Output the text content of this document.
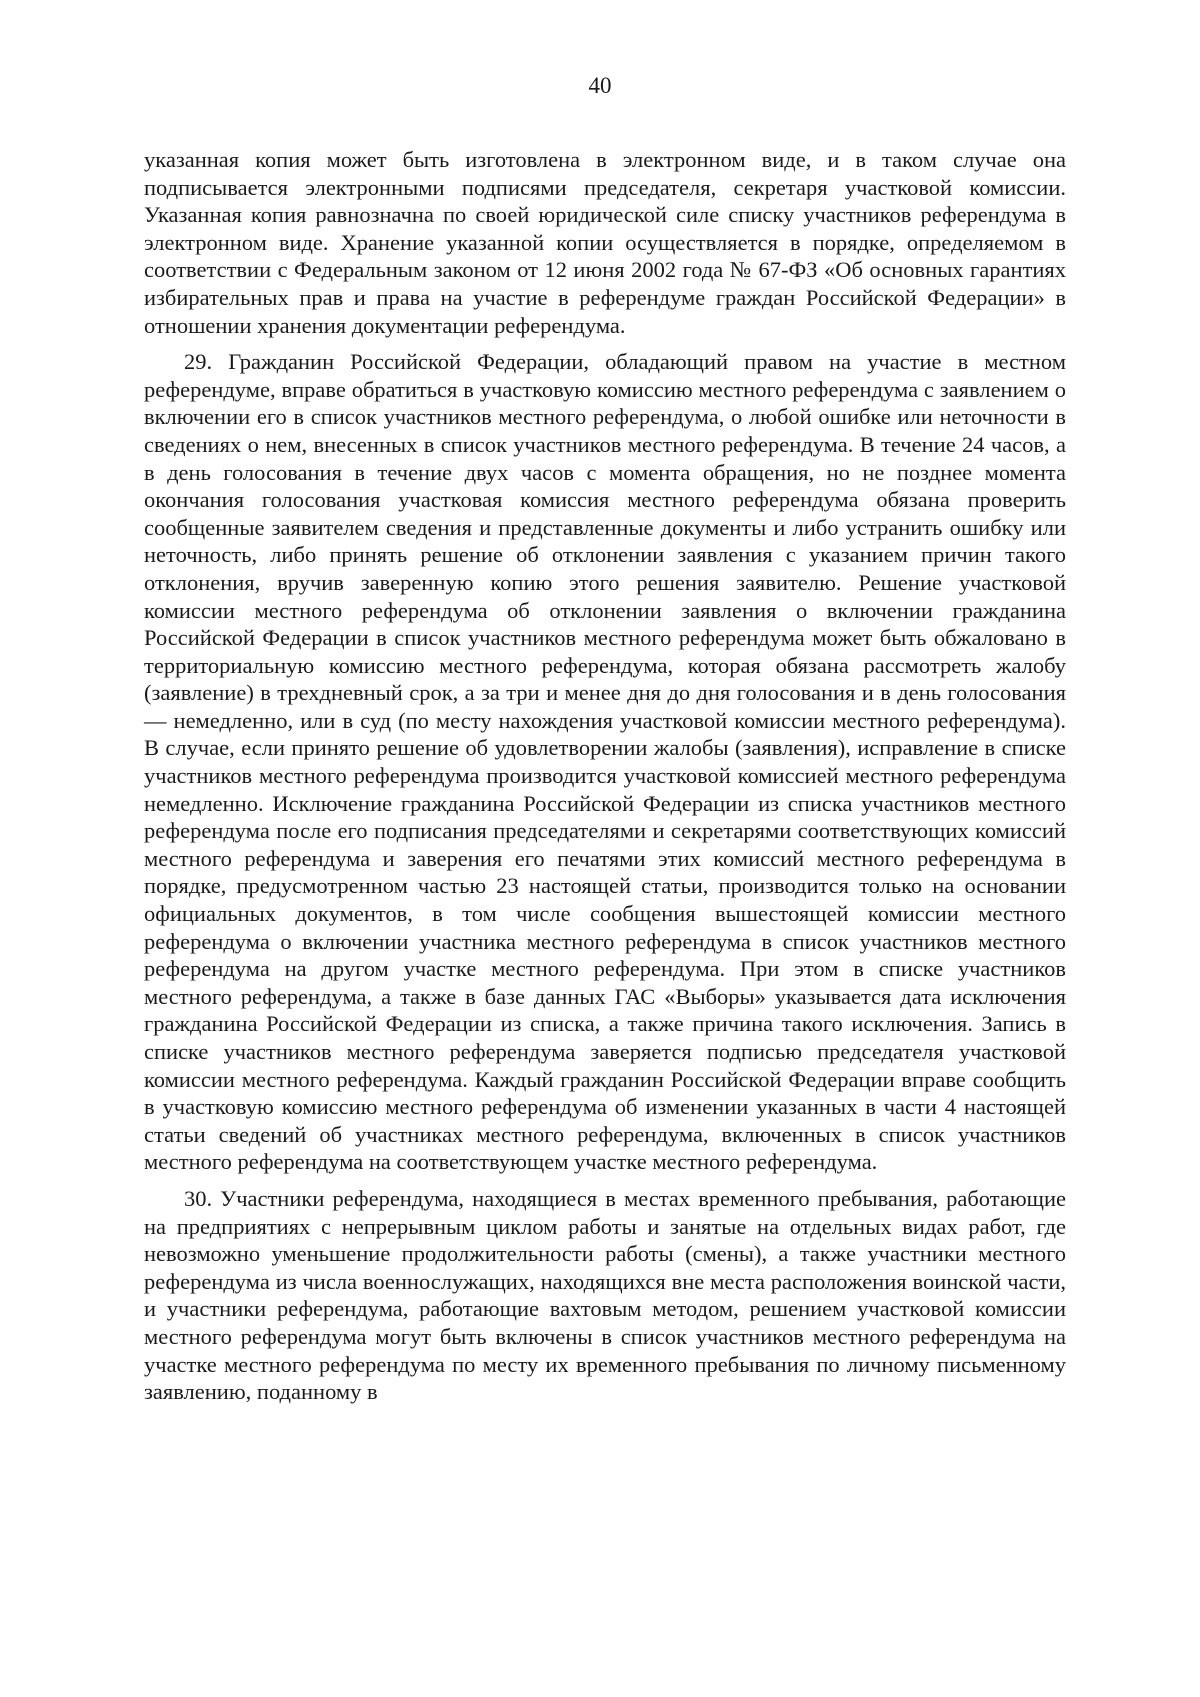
40

указанная копия может быть изготовлена в электронном виде, и в таком случае она подписывается электронными подписями председателя, секретаря участковой комиссии. Указанная копия равнозначна по своей юридической силе списку участников референдума в электронном виде. Хранение указанной копии осуществляется в порядке, определяемом в соответствии с Федеральным законом от 12 июня 2002 года № 67-ФЗ «Об основных гарантиях избирательных прав и права на участие в референдуме граждан Российской Федерации» в отношении хранения документации референдума.

29. Гражданин Российской Федерации, обладающий правом на участие в местном референдуме, вправе обратиться в участковую комиссию местного референдума с заявлением о включении его в список участников местного референдума, о любой ошибке или неточности в сведениях о нем, внесенных в список участников местного референдума. В течение 24 часов, а в день голосования в течение двух часов с момента обращения, но не позднее момента окончания голосования участковая комиссия местного референдума обязана проверить сообщенные заявителем сведения и представленные документы и либо устранить ошибку или неточность, либо принять решение об отклонении заявления с указанием причин такого отклонения, вручив заверенную копию этого решения заявителю. Решение участковой комиссии местного референдума об отклонении заявления о включении гражданина Российской Федерации в список участников местного референдума может быть обжаловано в территориальную комиссию местного референдума, которая обязана рассмотреть жалобу (заявление) в трехдневный срок, а за три и менее дня до дня голосования и в день голосования — немедленно, или в суд (по месту нахождения участковой комиссии местного референдума). В случае, если принято решение об удовлетворении жалобы (заявления), исправление в списке участников местного референдума производится участковой комиссией местного референдума немедленно. Исключение гражданина Российской Федерации из списка участников местного референдума после его подписания председателями и секретарями соответствующих комиссий местного референдума и заверения его печатями этих комиссий местного референдума в порядке, предусмотренном частью 23 настоящей статьи, производится только на основании официальных документов, в том числе сообщения вышестоящей комиссии местного референдума о включении участника местного референдума в список участников местного референдума на другом участке местного референдума. При этом в списке участников местного референдума, а также в базе данных ГАС «Выборы» указывается дата исключения гражданина Российской Федерации из списка, а также причина такого исключения. Запись в списке участников местного референдума заверяется подписью председателя участковой комиссии местного референдума. Каждый гражданин Российской Федерации вправе сообщить в участковую комиссию местного референдума об изменении указанных в части 4 настоящей статьи сведений об участниках местного референдума, включенных в список участников местного референдума на соответствующем участке местного референдума.

30. Участники референдума, находящиеся в местах временного пребывания, работающие на предприятиях с непрерывным циклом работы и занятые на отдельных видах работ, где невозможно уменьшение продолжительности работы (смены), а также участники местного референдума из числа военнослужащих, находящихся вне места расположения воинской части, и участники референдума, работающие вахтовым методом, решением участковой комиссии местного референдума могут быть включены в список участников местного референдума на участке местного референдума по месту их временного пребывания по личному письменному заявлению, поданному в
